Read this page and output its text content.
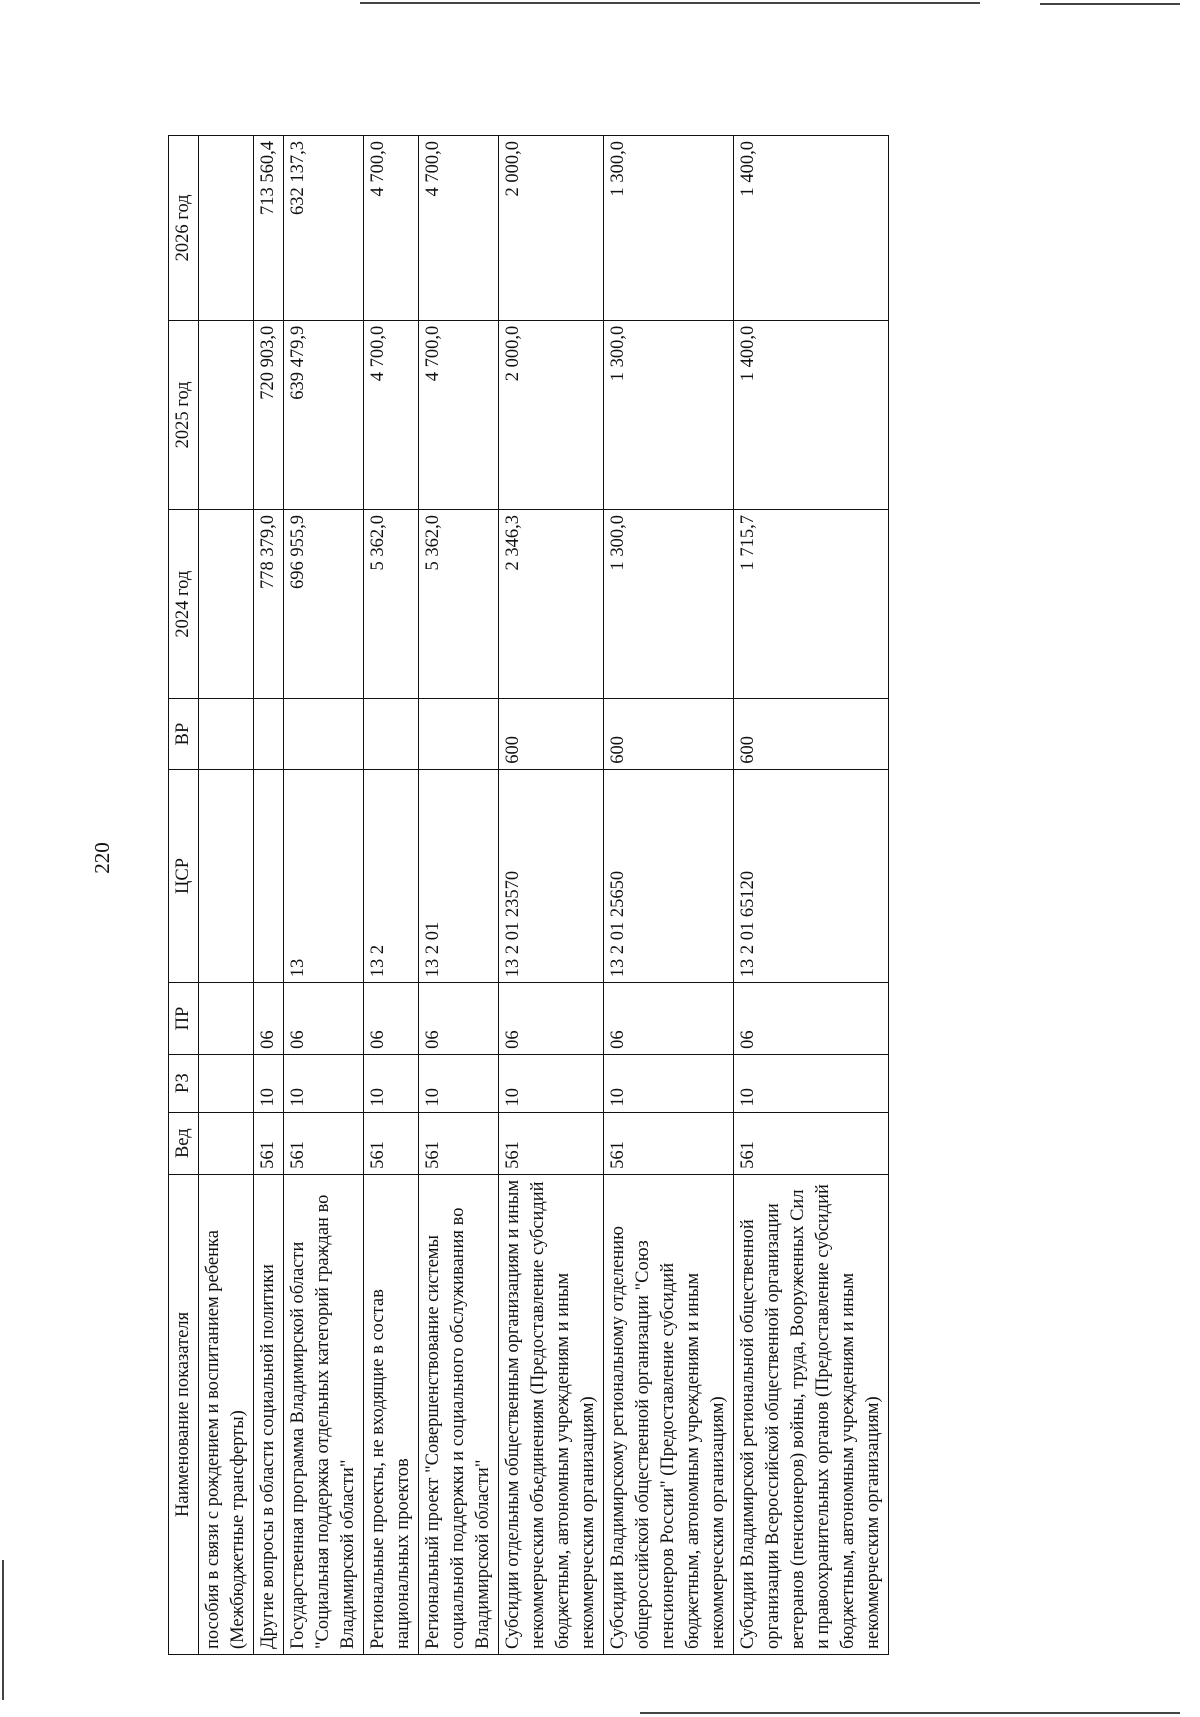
220
Наименование показателя	Вед	РЗ	ПР	ЦСР	ВР	2024 год	2025 год	2026 год
пособия в связи с рождением и воспитанием ребенка (Межбюджетные трансферты)								
Другие вопросы в области социальной политики	561	10	06			778 379,0	720 903,0	713 560,4
Государственная программа Владимирской области "Социальная поддержка отдельных категорий граждан во Владимирской области"	561	10	06	13		696 955,9	639 479,9	632 137,3
Региональные проекты, не входящие в состав национальных проектов	561	10	06	13 2		5 362,0	4 700,0	4 700,0
Региональный проект "Совершенствование системы социальной поддержки и социального обслуживания во Владимирской области"	561	10	06	13 2 01		5 362,0	4 700,0	4 700,0
Субсидии отдельным общественным организациям и иным некоммерческим объединениям (Предоставление субсидий бюджетным, автономным учреждениям и иным некоммерческим организациям)	561	10	06	13 2 01 23570	600	2 346,3	2 000,0	2 000,0
Субсидии Владимирскому региональному отделению общероссийской общественной организации "Союз пенсионеров России" (Предоставление субсидий бюджетным, автономным учреждениям и иным некоммерческим организациям)	561	10	06	13 2 01 25650	600	1 300,0	1 300,0	1 300,0
Субсидии Владимирской региональной общественной организации Всероссийской общественной организации ветеранов (пенсионеров) войны, труда, Вооруженных Сил и правоохранительных органов (Предоставление субсидий бюджетным, автономным учреждениям и иным некоммерческим организациям)	561	10	06	13 2 01 65120	600	1 715,7	1 400,0	1 400,0
